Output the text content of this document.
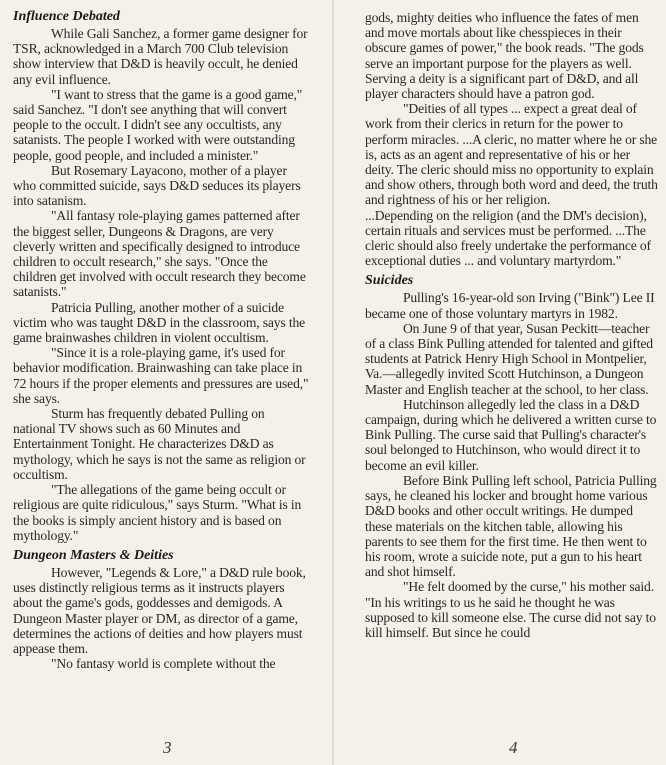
Influence Debated

While Gali Sanchez, a former game designer for TSR, acknowledged in a March 700 Club television show interview that D&D is heavily occult, he denied any evil influence.

"I want to stress that the game is a good game," said Sanchez. "I don't see anything that will convert people to the occult. I didn't see any occultists, any satanists. The people I worked with were outstanding people, good people, and included a minister."

But Rosemary Layacono, mother of a player who committed suicide, says D&D seduces its players into satanism.

"All fantasy role-playing games patterned after the biggest seller, Dungeons & Dragons, are very cleverly written and specifically designed to introduce children to occult research," she says. "Once the children get involved with occult research they become satanists."

Patricia Pulling, another mother of a suicide victim who was taught D&D in the classroom, says the game brainwashes children in violent occultism.

"Since it is a role-playing game, it's used for behavior modification. Brainwashing can take place in 72 hours if the proper elements and pressures are used," she says.

Sturm has frequently debated Pulling on national TV shows such as 60 Minutes and Entertainment Tonight. He characterizes D&D as mythology, which he says is not the same as religion or occultism.

"The allegations of the game being occult or religious are quite ridiculous," says Sturm. "What is in the books is simply ancient history and is based on mythology."

Dungeon Masters & Deities

However, "Legends & Lore," a D&D rule book, uses distinctly religious terms as it instructs players about the game's gods, goddesses and demigods. A Dungeon Master player or DM, as director of a game, determines the actions of deities and how players must appease them.

"No fantasy world is complete without the

3

gods, mighty deities who influence the fates of men and move mortals about like chesspieces in their obscure games of power," the book reads. "The gods serve an important purpose for the players as well. Serving a deity is a significant part of D&D, and all player characters should have a patron god.

"Deities of all types ... expect a great deal of work from their clerics in return for the power to perform miracles. ...A cleric, no matter where he or she is, acts as an agent and representative of his or her deity. The cleric should miss no opportunity to explain and show others, through both word and deed, the truth and rightness of his or her religion.

...Depending on the religion (and the DM's decision), certain rituals and services must be performed. ...The cleric should also freely undertake the performance of exceptional duties ... and voluntary martyrdom."

Suicides

Pulling's 16-year-old son Irving ("Bink") Lee II became one of those voluntary martyrs in 1982.

On June 9 of that year, Susan Peckitt—teacher of a class Bink Pulling attended for talented and gifted students at Patrick Henry High School in Montpelier, Va.—allegedly invited Scott Hutchinson, a Dungeon Master and English teacher at the school, to her class.

Hutchinson allegedly led the class in a D&D campaign, during which he delivered a written curse to Bink Pulling. The curse said that Pulling's character's soul belonged to Hutchinson, who would direct it to become an evil killer.

Before Bink Pulling left school, Patricia Pulling says, he cleaned his locker and brought home various D&D books and other occult writings. He dumped these materials on the kitchen table, allowing his parents to see them for the first time. He then went to his room, wrote a suicide note, put a gun to his heart and shot himself.

"He felt doomed by the curse," his mother said. "In his writings to us he said he thought he was supposed to kill someone else. The curse did not say to kill himself. But since he could

4
